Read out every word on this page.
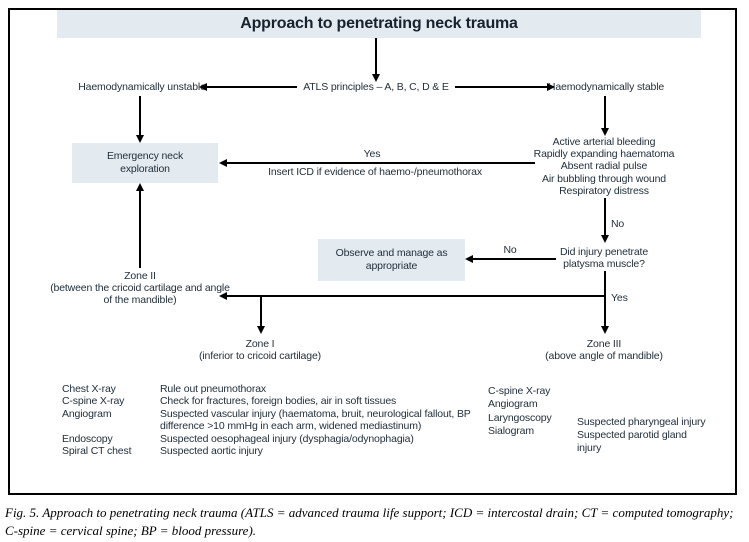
Approach to penetrating neck trauma
Haemodynamically unstable	ATLS principles – A, B, C, D & E	Haemodynamically stable
Emergency neck exploration
Active arterial bleeding
Rapidly expanding haematoma
Absent radial pulse
Air bubbling through wound
Respiratory distress
Yes
Insert ICD if evidence of haemo-/pneumothorax
No
Did injury penetrate platysma muscle?
Observe and manage as appropriate
No
Yes
Zone II
(between the cricoid cartilage and angle of the mandible)
Zone I
(inferior to cricoid cartilage)
Zone III
(above angle of mandible)
Chest X-ray	Rule out pneumothorax
C-spine X-ray	Check for fractures, foreign bodies, air in soft tissues
Angiogram	Suspected vascular injury (haematoma, bruit, neurological fallout, BP difference >10 mmHg in each arm, widened mediastinum)
Endoscopy	Suspected oesophageal injury (dysphagia/odynophagia)
Spiral CT chest	Suspected aortic injury
C-spine X-ray
Angiogram
Laryngoscopy	Suspected pharyngeal injury
Sialogram	Suspected parotid gland injury
Fig. 5. Approach to penetrating neck trauma (ATLS = advanced trauma life support; ICD = intercostal drain; CT = computed tomography; C-spine = cervical spine; BP = blood pressure).
